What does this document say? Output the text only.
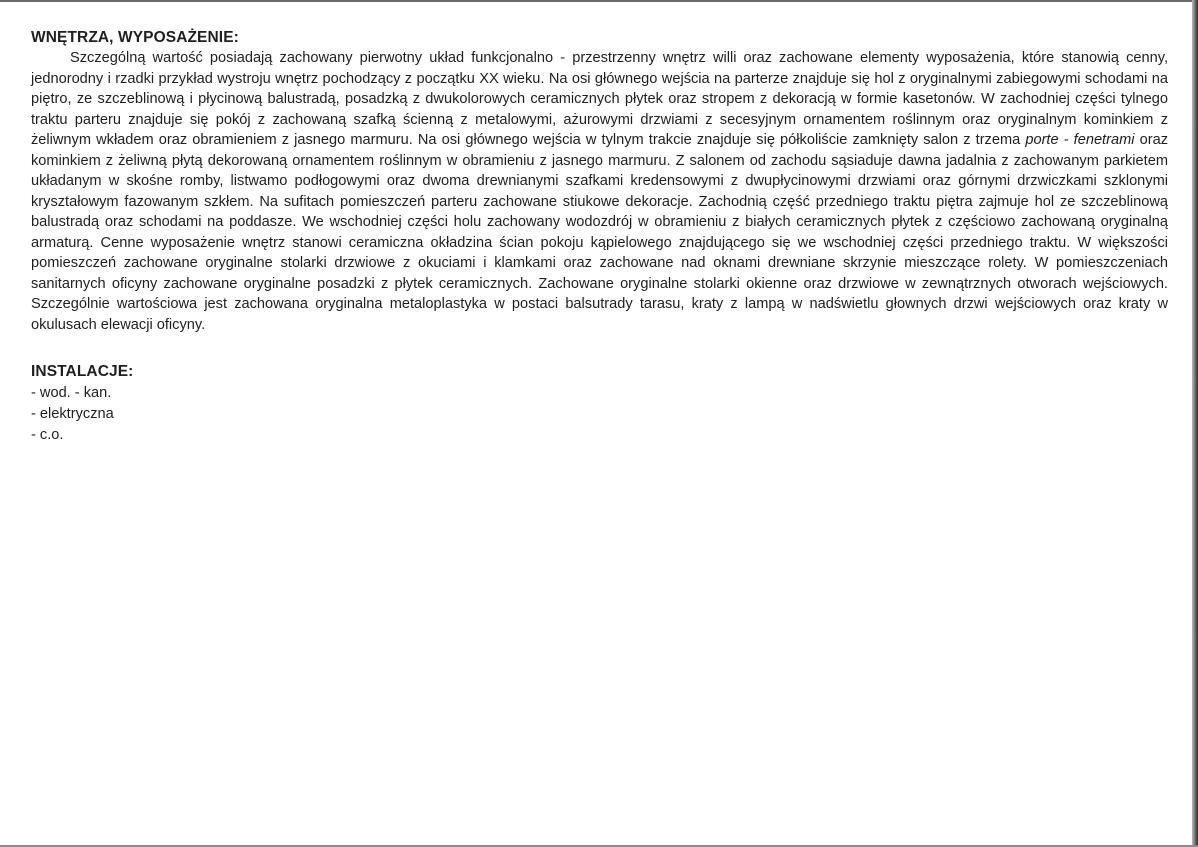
WNĘTRZA, WYPOSAŻENIE:

Szczególną wartość posiadają zachowany pierwotny układ funkcjonalno - przestrzenny wnętrz willi oraz zachowane elementy wyposażenia, które stanowią cenny, jednorodny i rzadki przykład wystroju wnętrz pochodzący z początku XX wieku. Na osi głównego wejścia na parterze znajduje się hol z oryginalnymi zabiegowymi schodami na piętro, ze szczeblinową i płycinową balustradą, posadzką z dwukolorowych ceramicznych płytek oraz stropem z dekoracją w formie kasetonów. W zachodniej części tylnego traktu parteru znajduje się pokój z zachowaną szafką ścienną z metalowymi, ażurowymi drzwiami z secesyjnym ornamentem roślinnym oraz oryginalnym kominkiem z żeliwnym wkładem oraz obramieniem z jasnego marmuru. Na osi głównego wejścia w tylnym trakcie znajduje się półkoliście zamknięty salon z trzema porte - fenetrami oraz kominkiem z żeliwną płytą dekorowaną ornamentem roślinnym w obramieniu z jasnego marmuru. Z salonem od zachodu sąsiaduje dawna jadalnia z zachowanym parkietem układanym w skośne romby, listwamo podłogowymi oraz dwoma drewnianymi szafkami kredensowymi z dwupłycinowymi drzwiami oraz górnymi drzwiczkami szklonymi kryształowym fazowanym szkłem. Na sufitach pomieszczeń parteru zachowane stiukowe dekoracje. Zachodnią część przedniego traktu piętra zajmuje hol ze szczeblinową balustradą oraz schodami na poddasze. We wschodniej części holu zachowany wodozdrój w obramieniu z białych ceramicznych płytek z częściowo zachowaną oryginalną armaturą. Cenne wyposażenie wnętrz stanowi ceramiczna okładzina ścian pokoju kąpielowego znajdującego się we wschodniej części przedniego traktu. W większości pomieszczeń zachowane oryginalne stolarki drzwiowe z okuciami i klamkami oraz zachowane nad oknami drewniane skrzynie mieszczące rolety. W pomieszczeniach sanitarnych oficyny zachowane oryginalne posadzki z płytek ceramicznych. Zachowane oryginalne stolarki okienne oraz drzwiowe w zewnątrznych otworach wejściowych. Szczególnie wartościowa jest zachowana oryginalna metaloplastyka w postaci balsutrady tarasu, kraty z lampą w nadświetlu głownych drzwi wejściowych oraz kraty w okulusach elewacji oficyny.

INSTALACJE:
- wod. - kan.
- elektryczna
- c.o.
